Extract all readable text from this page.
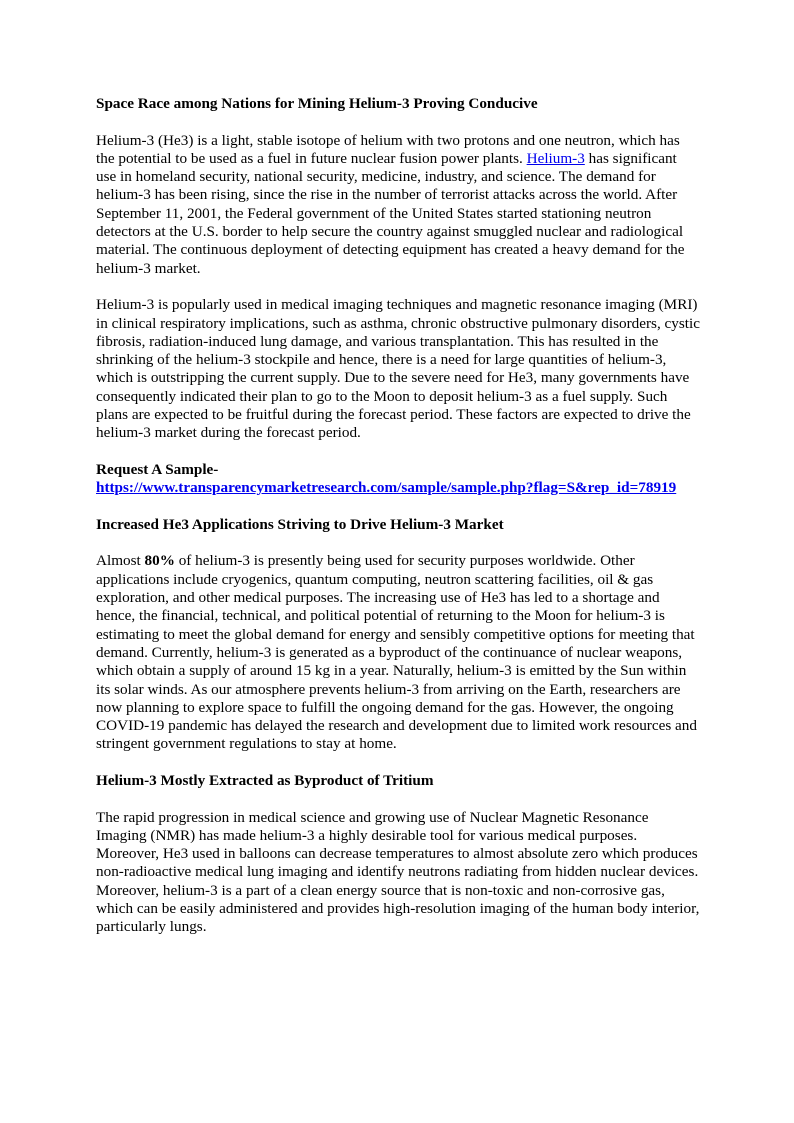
Space Race among Nations for Mining Helium-3 Proving Conducive

Helium-3 (He3) is a light, stable isotope of helium with two protons and one neutron, which has the potential to be used as a fuel in future nuclear fusion power plants. Helium-3 has significant use in homeland security, national security, medicine, industry, and science. The demand for helium-3 has been rising, since the rise in the number of terrorist attacks across the world. After September 11, 2001, the Federal government of the United States started stationing neutron detectors at the U.S. border to help secure the country against smuggled nuclear and radiological material. The continuous deployment of detecting equipment has created a heavy demand for the helium-3 market.

Helium-3 is popularly used in medical imaging techniques and magnetic resonance imaging (MRI) in clinical respiratory implications, such as asthma, chronic obstructive pulmonary disorders, cystic fibrosis, radiation-induced lung damage, and various transplantation. This has resulted in the shrinking of the helium-3 stockpile and hence, there is a need for large quantities of helium-3, which is outstripping the current supply. Due to the severe need for He3, many governments have consequently indicated their plan to go to the Moon to deposit helium-3 as a fuel supply. Such plans are expected to be fruitful during the forecast period. These factors are expected to drive the helium-3 market during the forecast period.

Request A Sample-
https://www.transparencymarketresearch.com/sample/sample.php?flag=S&rep_id=78919

Increased He3 Applications Striving to Drive Helium-3 Market

Almost 80% of helium-3 is presently being used for security purposes worldwide. Other applications include cryogenics, quantum computing, neutron scattering facilities, oil & gas exploration, and other medical purposes. The increasing use of He3 has led to a shortage and hence, the financial, technical, and political potential of returning to the Moon for helium-3 is estimating to meet the global demand for energy and sensibly competitive options for meeting that demand. Currently, helium-3 is generated as a byproduct of the continuance of nuclear weapons, which obtain a supply of around 15 kg in a year. Naturally, helium-3 is emitted by the Sun within its solar winds. As our atmosphere prevents helium-3 from arriving on the Earth, researchers are now planning to explore space to fulfill the ongoing demand for the gas. However, the ongoing COVID-19 pandemic has delayed the research and development due to limited work resources and stringent government regulations to stay at home.

Helium-3 Mostly Extracted as Byproduct of Tritium

The rapid progression in medical science and growing use of Nuclear Magnetic Resonance Imaging (NMR) has made helium-3 a highly desirable tool for various medical purposes. Moreover, He3 used in balloons can decrease temperatures to almost absolute zero which produces non-radioactive medical lung imaging and identify neutrons radiating from hidden nuclear devices. Moreover, helium-3 is a part of a clean energy source that is non-toxic and non-corrosive gas, which can be easily administered and provides high-resolution imaging of the human body interior, particularly lungs.
